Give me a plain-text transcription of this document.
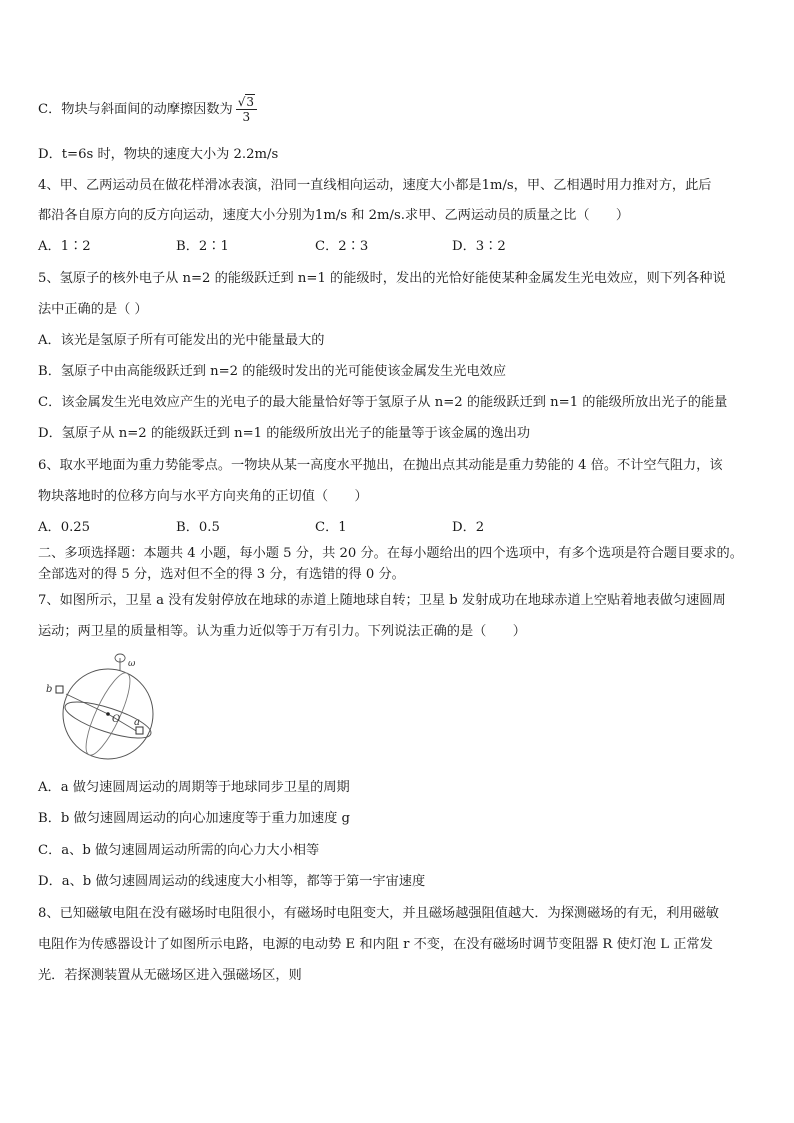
C．物块与斜面间的动摩擦因数为 $\frac{√3}{3}$
D．t=6s 时，物块的速度大小为 2.2m/s
4、甲、乙两运动员在做花样滑冰表演，沿同一直线相向运动，速度大小都是1m/s，甲、乙相遇时用力推对方，此后
都沿各自原方向的反方向运动，速度大小分别为1m/s 和 2m/s.求甲、乙两运动员的质量之比（　　）
A．1∶2	B．2∶1	C．2∶3	D．3∶2
5、氢原子的核外电子从 n=2 的能级跃迁到 n=1 的能级时，发出的光恰好能使某种金属发生光电效应，则下列各种说
法中正确的是（ ）
A．该光是氢原子所有可能发出的光中能量最大的
B．氢原子中由高能级跃迁到 n=2 的能级时发出的光可能使该金属发生光电效应
C．该金属发生光电效应产生的光电子的最大能量恰好等于氢原子从 n=2 的能级跃迁到 n=1 的能级所放出光子的能量
D．氢原子从 n=2 的能级跃迁到 n=1 的能级所放出光子的能量等于该金属的逸出功
6、取水平地面为重力势能零点。一物块从某一高度水平抛出，在抛出点其动能是重力势能的 4 倍。不计空气阻力，该
物块落地时的位移方向与水平方向夹角的正切值（　　）
A．0.25	B．0.5	C．1	D．2
二、多项选择题：本题共 4 小题，每小题 5 分，共 20 分。在每小题给出的四个选项中，有多个选项是符合题目要求的。
全部选对的得 5 分，选对但不全的得 3 分，有选错的得 0 分。
7、如图所示，卫星 a 没有发射停放在地球的赤道上随地球自转；卫星 b 发射成功在地球赤道上空贴着地表做匀速圆周
运动；两卫星的质量相等。认为重力近似等于万有引力。下列说法正确的是（　　）
ω
b
O a
A．a 做匀速圆周运动的周期等于地球同步卫星的周期
B．b 做匀速圆周运动的向心加速度等于重力加速度 g
C．a、b 做匀速圆周运动所需的向心力大小相等
D．a、b 做匀速圆周运动的线速度大小相等，都等于第一宇宙速度
8、已知磁敏电阻在没有磁场时电阻很小，有磁场时电阻变大，并且磁场越强阻值越大．为探测磁场的有无，利用磁敏
电阻作为传感器设计了如图所示电路，电源的电动势 E 和内阻 r 不变，在没有磁场时调节变阻器 R 使灯泡 L 正常发
光．若探测装置从无磁场区进入强磁场区，则
